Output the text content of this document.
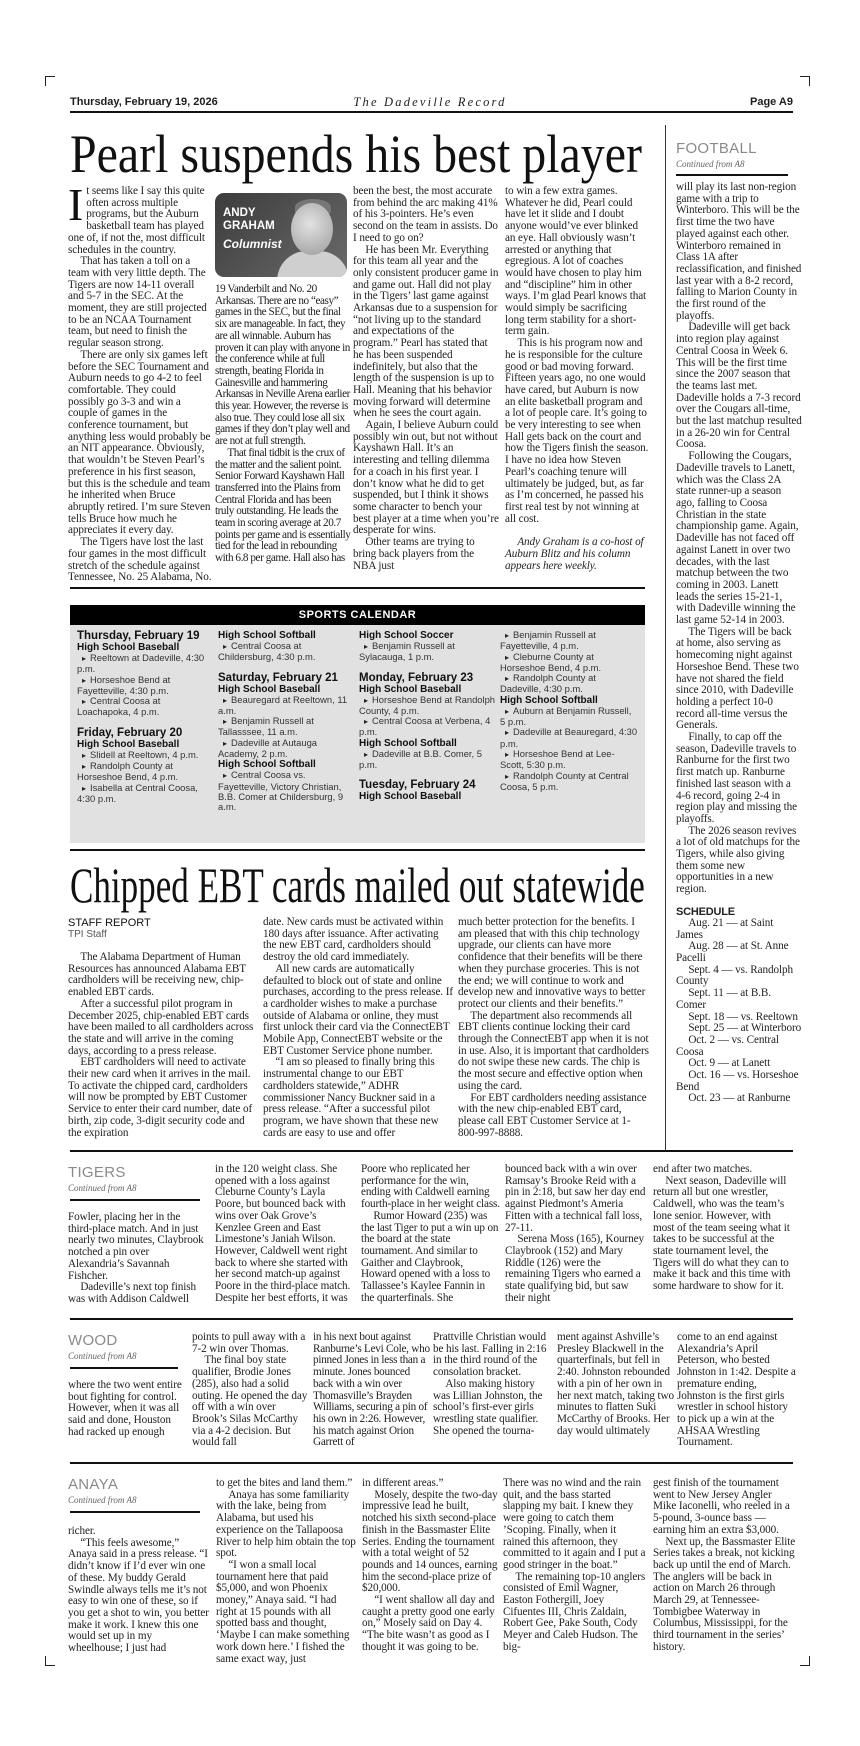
Thursday, February 19, 2026	The Dadeville Record	Page A9
Pearl suspends his best player
I t seems like I say this quite often across multiple programs, but the Auburn basketball team has played one of, if not the, most difficult schedules in the country.

That has taken a toll on a team with very little depth. The Tigers are now 14-11 overall and 5-7 in the SEC. At the moment, they are still projected to be an NCAA Tournament team, but need to finish the regular season strong.

There are only six games left before the SEC Tournament and Auburn needs to go 4-2 to feel comfortable. They could possibly go 3-3 and win a couple of games in the conference tournament, but anything less would probably be an NIT appearance. Obviously, that wouldn’t be Steven Pearl’s preference in his first season, but this is the schedule and team he inherited when Bruce abruptly retired. I’m sure Steven tells Bruce how much he appreciates it every day.

The Tigers have lost the last four games in the most difficult stretch of the schedule against Tennessee, No. 25 Alabama, No.

ANDY
GRAHAM
Columnist

19 Vanderbilt and No. 20 Arkansas. There are no “easy” games in the SEC, but the final six are manageable. In fact, they are all winnable. Auburn has proven it can play with anyone in the conference while at full strength, beating Florida in Gainesville and hammering Arkansas in Neville Arena earlier this year. However, the reverse is also true. They could lose all six games if they don’t play well and are not at full strength.

That final tidbit is the crux of the matter and the salient point. Senior Forward Kayshawn Hall transferred into the Plains from Central Florida and has been truly outstanding. He leads the team in scoring average at 20.7 points per game and is essentially tied for the lead in rebounding with 6.8 per game. Hall also has

been the best, the most accurate from behind the arc making 41% of his 3-pointers. He’s even second on the team in assists. Do I need to go on?

He has been Mr. Everything for this team all year and the only consistent producer game in and game out. Hall did not play in the Tigers’ last game against Arkansas due to a suspension for “not living up to the standard and expectations of the program.” Pearl has stated that he has been suspended indefinitely, but also that the length of the suspension is up to Hall. Meaning that his behavior moving forward will determine when he sees the court again.

Again, I believe Auburn could possibly win out, but not without Kayshawn Hall. It’s an interesting and telling dilemma for a coach in his first year. I don’t know what he did to get suspended, but I think it shows some character to bench your best player at a time when you’re desperate for wins.

Other teams are trying to bring back players from the NBA just

to win a few extra games. Whatever he did, Pearl could have let it slide and I doubt anyone would’ve ever blinked an eye. Hall obviously wasn’t arrested or anything that egregious. A lot of coaches would have chosen to play him and “discipline” him in other ways. I’m glad Pearl knows that would simply be sacrificing long term stability for a short-term gain.

This is his program now and he is responsible for the culture good or bad moving forward. Fifteen years ago, no one would have cared, but Auburn is now an elite basketball program and a lot of people care. It’s going to be very interesting to see when Hall gets back on the court and how the Tigers finish the season. I have no idea how Steven Pearl’s coaching tenure will ultimately be judged, but, as far as I’m concerned, he passed his first real test by not winning at all cost.

Andy Graham is a co-host of Auburn Blitz and his column appears here weekly.

FOOTBALL
Continued from A8

will play its last non-region game with a trip to Winterboro. This will be the first time the two have played against each other. Winterboro remained in Class 1A after reclassification, and finished last year with a 8-2 record, falling to Marion County in the first round of the playoffs.

Dadeville will get back into region play against Central Coosa in Week 6. This will be the first time since the 2007 season that the teams last met. Dadeville holds a 7-3 record over the Cougars all-time, but the last matchup resulted in a 26-20 win for Central Coosa.

Following the Cougars, Dadeville travels to Lanett, which was the Class 2A state runner-up a season ago, falling to Coosa Christian in the state championship game. Again, Dadeville has not faced off against Lanett in over two decades, with the last matchup between the two coming in 2003. Lanett leads the series 15-21-1, with Dadeville winning the last game 52-14 in 2003.

The Tigers will be back at home, also serving as homecoming night against Horseshoe Bend. These two have not shared the field since 2010, with Dadeville holding a perfect 10-0 record all-time versus the Generals.

Finally, to cap off the season, Dadeville travels to Ranburne for the first two first match up. Ranburne finished last season with a 4-6 record, going 2-4 in region play and missing the playoffs.

The 2026 season revives a lot of old matchups for the Tigers, while also giving them some new opportunities in a new region.

SCHEDULE
Aug. 21 — at Saint James
Aug. 28 — at St. Anne Pacelli
Sept. 4 — vs. Randolph County
Sept. 11 — at B.B. Comer
Sept. 18 — vs. Reeltown
Sept. 25 — at Winterboro
Oct. 2 — vs. Central Coosa
Oct. 9 — at Lanett
Oct. 16 — vs. Horseshoe Bend
Oct. 23 — at Ranburne
SPORTS CALENDAR
Thursday, February 19
High School Baseball
▸ Reeltown at Dadeville, 4:30 p.m.
▸ Horseshoe Bend at Fayetteville, 4:30 p.m.
▸ Central Coosa at Loachapoka, 4 p.m.
Friday, February 20
High School Baseball
▸ Slidell at Reeltown, 4 p.m.
▸ Randolph County at Horseshoe Bend, 4 p.m.
▸ Isabella at Central Coosa, 4:30 p.m.
High School Softball
▸ Central Coosa at Childersburg, 4:30 p.m.
Saturday, February 21
High School Baseball
▸ Beauregard at Reeltown, 11 a.m.
▸ Benjamin Russell at Tallasssee, 11 a.m.
▸ Dadeville at Autauga Academy, 2 p.m.
High School Softball
▸ Central Coosa vs. Fayetteville, Victory Christian, B.B. Comer at Childersburg, 9 a.m.
High School Soccer
▸ Benjamin Russell at Sylacauga, 1 p.m.
Monday, February 23
High School Baseball
▸ Horseshoe Bend at Randolph County, 4 p.m.
▸ Central Coosa at Verbena, 4 p.m.
High School Softball
▸ Dadeville at B.B. Comer, 5 p.m.
Tuesday, February 24
High School Baseball
▸ Benjamin Russell at Fayetteville, 4 p.m.
▸ Cleburne County at Horseshoe Bend, 4 p.m.
▸ Randolph County at Dadeville, 4:30 p.m.
High School Softball
▸ Auburn at Benjamin Russell, 5 p.m.
▸ Dadeville at Beauregard, 4:30 p.m.
▸ Horseshoe Bend at Lee-Scott, 5:30 p.m.
▸ Randolph County at Central Coosa, 5 p.m.
Chipped EBT cards mailed out statewide
STAFF REPORT
TPI Staff

The Alabama Department of Human Resources has announced Alabama EBT cardholders will be receiving new, chip-enabled EBT cards.

After a successful pilot program in December 2025, chip-enabled EBT cards have been mailed to all cardholders across the state and will arrive in the coming days, according to a press release.

EBT cardholders will need to activate their new card when it arrives in the mail. To activate the chipped card, cardholders will now be prompted by EBT Customer Service to enter their card number, date of birth, zip code, 3-digit security code and the expiration

date. New cards must be activated within 180 days after issuance. After activating the new EBT card, cardholders should destroy the old card immediately.

All new cards are automatically defaulted to block out of state and online purchases, according to the press release. If a cardholder wishes to make a purchase outside of Alabama or online, they must first unlock their card via the ConnectEBT Mobile App, ConnectEBT website or the EBT Customer Service phone number.

“I am so pleased to finally bring this instrumental change to our EBT cardholders statewide,” ADHR commissioner Nancy Buckner said in a press release. “After a successful pilot program, we have shown that these new cards are easy to use and offer

much better protection for the benefits. I am pleased that with this chip technology upgrade, our clients can have more confidence that their benefits will be there when they purchase groceries. This is not the end; we will continue to work and develop new and innovative ways to better protect our clients and their benefits.”

The department also recommends all EBT clients continue locking their card through the ConnectEBT app when it is not in use. Also, it is important that cardholders do not swipe these new cards. The chip is the most secure and effective option when using the card.

For EBT cardholders needing assistance with the new chip-enabled EBT card, please call EBT Customer Service at 1-800-997-8888.

TIGERS
Continued from A8

Fowler, placing her in the third-place match. And in just nearly two minutes, Claybrook notched a pin over Alexandria’s Savannah Fishcher.

Dadeville’s next top finish was with Addison Caldwell

in the 120 weight class. She opened with a loss against Cleburne County’s Layla Poore, but bounced back with wins over Oak Grove’s Kenzlee Green and East Limestone’s Janiah Wilson. However, Caldwell went right back to where she started with her second match-up against Poore in the third-place match. Despite her best efforts, it was

Poore who replicated her performance for the win, ending with Caldwell earning fourth-place in her weight class.

Rumor Howard (235) was the last Tiger to put a win up on the board at the state tournament. And similar to Gaither and Claybrook, Howard opened with a loss to Tallassee’s Kaylee Fannin in the quarterfinals. She

bounced back with a win over Ramsay’s Brooke Reid with a pin in 2:18, but saw her day end against Piedmont’s Ameria Fitten with a technical fall loss, 27-11.

Serena Moss (165), Kourney Claybrook (152) and Mary Riddle (126) were the remaining Tigers who earned a state qualifying bid, but saw their night

end after two matches.

Next season, Dadeville will return all but one wrestler, Caldwell, who was the team’s lone senior. However, with most of the team seeing what it takes to be successful at the state tournament level, the Tigers will do what they can to make it back and this time with some hardware to show for it.

WOOD
Continued from A8

where the two went entire bout fighting for control. However, when it was all said and done, Houston had racked up enough

points to pull away with a 7-2 win over Thomas.

The final boy state qualifier, Brodie Jones (285), also had a solid outing. He opened the day off with a win over Brook’s Silas McCarthy via a 4-2 decision. But would fall

in his next bout against Ranburne’s Levi Cole, who pinned Jones in less than a minute. Jones bounced back with a win over Thomasville’s Brayden Williams, securing a pin of his own in 2:26. However, his match against Orion Garrett of

Prattville Christian would be his last. Falling in 2:16 in the third round of the consolation bracket.

Also making history was Lillian Johnston, the school’s first-ever girls wrestling state qualifier. She opened the tourna-

ment against Ashville’s Presley Blackwell in the quarterfinals, but fell in 2:40. Johnston rebounded with a pin of her own in her next match, taking two minutes to flatten Suki McCarthy of Brooks. Her day would ultimately

come to an end against Alexandria’s April Peterson, who bested Johnston in 1:42. Despite a premature ending, Johnston is the first girls wrestler in school history to pick up a win at the AHSAA Wrestling Tournament.

ANAYA
Continued from A8

richer.

“This feels awesome,” Anaya said in a press release. “I didn’t know if I’d ever win one of these. My buddy Gerald Swindle always tells me it’s not easy to win one of these, so if you get a shot to win, you better make it work. I knew this one would set up in my wheelhouse; I just had

to get the bites and land them.”

Anaya has some familiarity with the lake, being from Alabama, but used his experience on the Tallapoosa River to help him obtain the top spot.

“I won a small local tournament here that paid $5,000, and won Phoenix money,” Anaya said. “I had right at 15 pounds with all spotted bass and thought, ‘Maybe I can make something work down here.’ I fished the same exact way, just

in different areas.”

Mosely, despite the two-day impressive lead he built, notched his sixth second-place finish in the Bassmaster Elite Series. Ending the tournament with a total weight of 52 pounds and 14 ounces, earning him the second-place prize of $20,000.

“I went shallow all day and caught a pretty good one early on,” Mosely said on Day 4. “The bite wasn’t as good as I thought it was going to be.

There was no wind and the rain quit, and the bass started slapping my bait. I knew they were going to catch them ’Scoping. Finally, when it rained this afternoon, they committed to it again and I put a good stringer in the boat.”

The remaining top-10 anglers consisted of Emil Wagner, Easton Fothergill, Joey Cifuentes III, Chris Zaldain, Robert Gee, Pake South, Cody Meyer and Caleb Hudson. The big-

gest finish of the tournament went to New Jersey Angler Mike Iaconelli, who reeled in a 5-pound, 3-ounce bass — earning him an extra $3,000.

Next up, the Bassmaster Elite Series takes a break, not kicking back up until the end of March. The anglers will be back in action on March 26 through March 29, at Tennessee-Tombigbee Waterway in Columbus, Mississippi, for the third tournament in the series’ history.
